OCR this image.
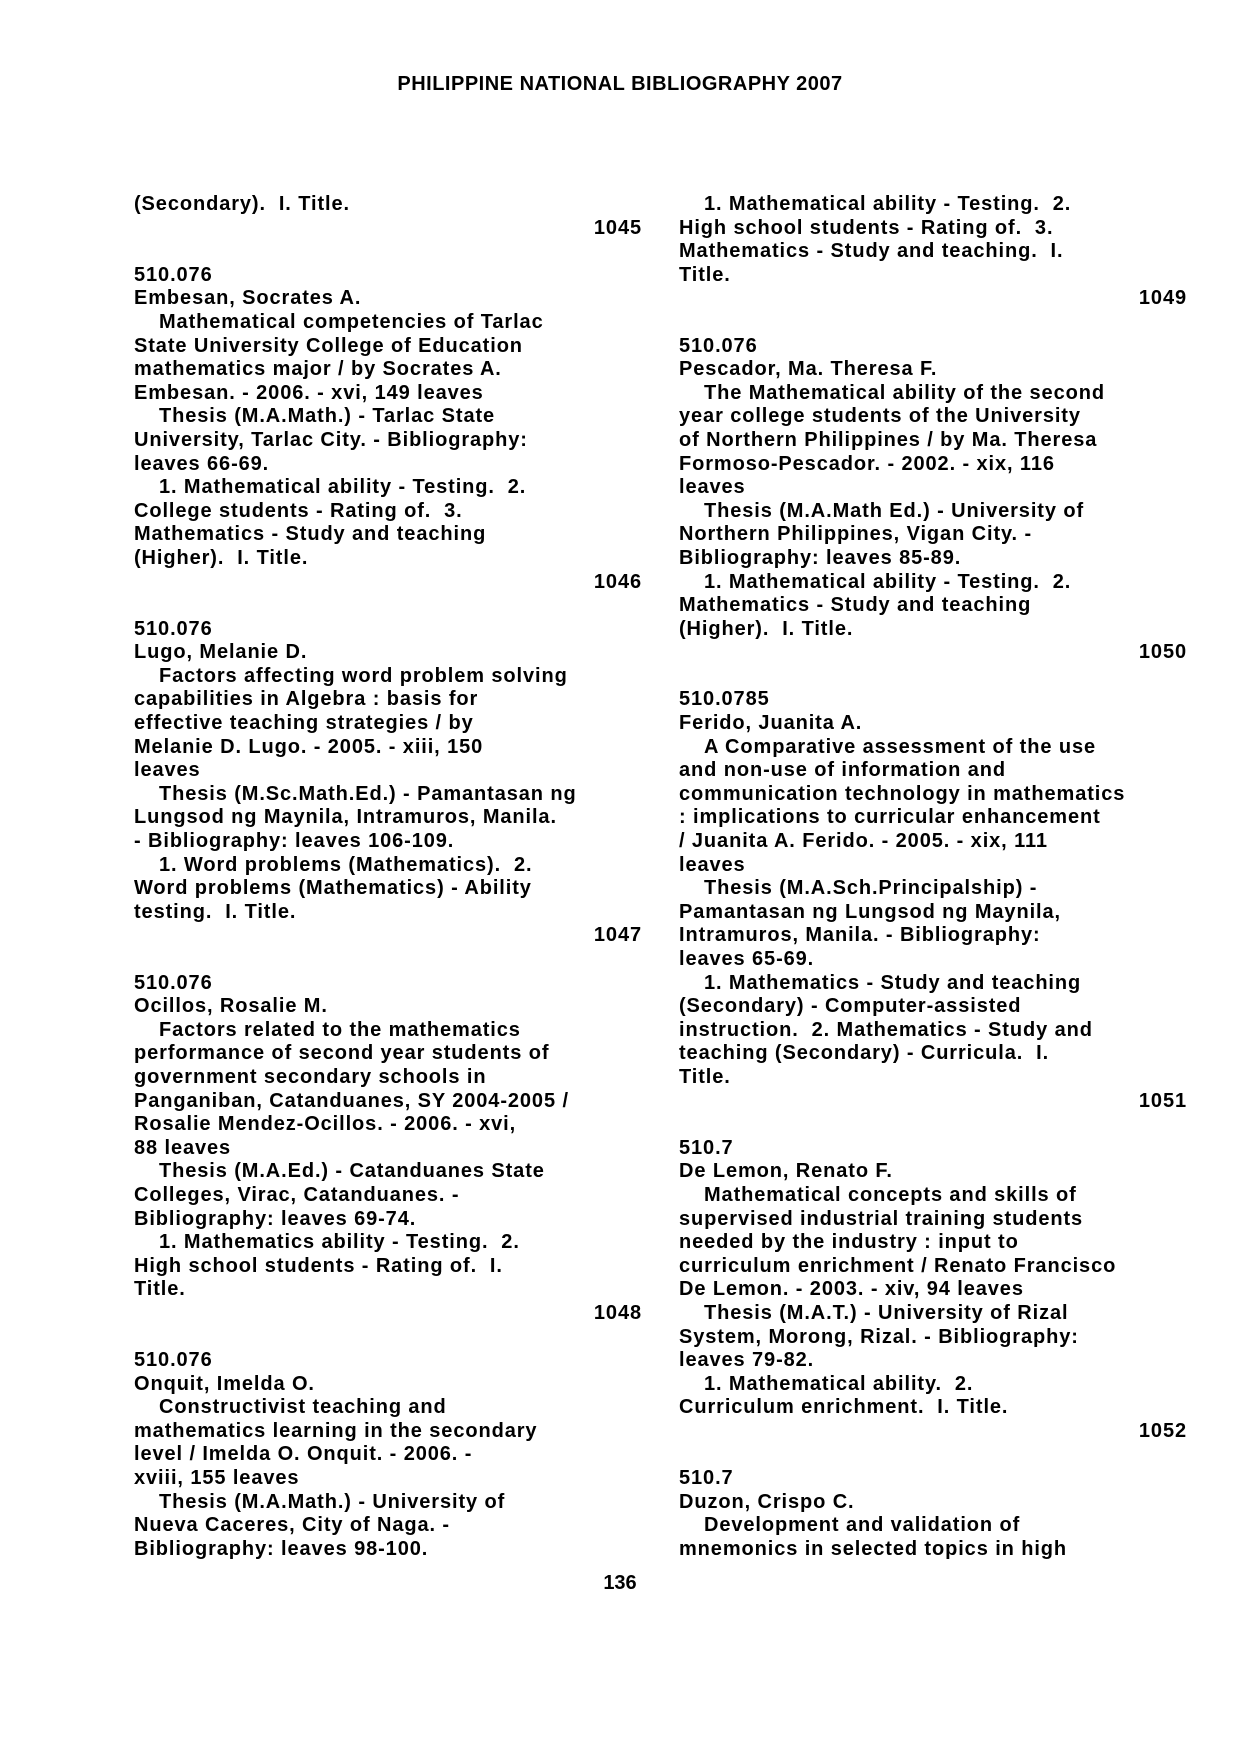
PHILIPPINE NATIONAL BIBLIOGRAPHY 2007
(Secondary).  I. Title.
1045
510.076
Embesan, Socrates A.
Mathematical competencies of Tarlac
State University College of Education
mathematics major / by Socrates A.
Embesan. - 2006. - xvi, 149 leaves
Thesis (M.A.Math.) - Tarlac State
University, Tarlac City. - Bibliography:
leaves 66-69.
1. Mathematical ability - Testing.  2.
College students - Rating of.  3.
Mathematics - Study and teaching
(Higher).  I. Title.
1046
510.076
Lugo, Melanie D.
Factors affecting word problem solving
capabilities in Algebra : basis for
effective teaching strategies / by
Melanie D. Lugo. - 2005. - xiii, 150
leaves
Thesis (M.Sc.Math.Ed.) - Pamantasan ng
Lungsod ng Maynila, Intramuros, Manila.
- Bibliography: leaves 106-109.
1. Word problems (Mathematics).  2.
Word problems (Mathematics) - Ability
testing.  I. Title.
1047
510.076
Ocillos, Rosalie M.
Factors related to the mathematics
performance of second year students of
government secondary schools in
Panganiban, Catanduanes, SY 2004-2005 /
Rosalie Mendez-Ocillos. - 2006. - xvi,
88 leaves
Thesis (M.A.Ed.) - Catanduanes State
Colleges, Virac, Catanduanes. -
Bibliography: leaves 69-74.
1. Mathematics ability - Testing.  2.
High school students - Rating of.  I.
Title.
1048
510.076
Onquit, Imelda O.
Constructivist teaching and
mathematics learning in the secondary
level / Imelda O. Onquit. - 2006. -
xviii, 155 leaves
Thesis (M.A.Math.) - University of
Nueva Caceres, City of Naga. -
Bibliography: leaves 98-100.
1. Mathematical ability - Testing.  2.
High school students - Rating of.  3.
Mathematics - Study and teaching.  I.
Title.
1049
510.076
Pescador, Ma. Theresa F.
The Mathematical ability of the second
year college students of the University
of Northern Philippines / by Ma. Theresa
Formoso-Pescador. - 2002. - xix, 116
leaves
Thesis (M.A.Math Ed.) - University of
Northern Philippines, Vigan City. -
Bibliography: leaves 85-89.
1. Mathematical ability - Testing.  2.
Mathematics - Study and teaching
(Higher).  I. Title.
1050
510.0785
Ferido, Juanita A.
A Comparative assessment of the use
and non-use of information and
communication technology in mathematics
: implications to curricular enhancement
/ Juanita A. Ferido. - 2005. - xix, 111
leaves
Thesis (M.A.Sch.Principalship) -
Pamantasan ng Lungsod ng Maynila,
Intramuros, Manila. - Bibliography:
leaves 65-69.
1. Mathematics - Study and teaching
(Secondary) - Computer-assisted
instruction.  2. Mathematics - Study and
teaching (Secondary) - Curricula.  I.
Title.
1051
510.7
De Lemon, Renato F.
Mathematical concepts and skills of
supervised industrial training students
needed by the industry : input to
curriculum enrichment / Renato Francisco
De Lemon. - 2003. - xiv, 94 leaves
Thesis (M.A.T.) - University of Rizal
System, Morong, Rizal. - Bibliography:
leaves 79-82.
1. Mathematical ability.  2.
Curriculum enrichment.  I. Title.
1052
510.7
Duzon, Crispo C.
Development and validation of
mnemonics in selected topics in high
136
